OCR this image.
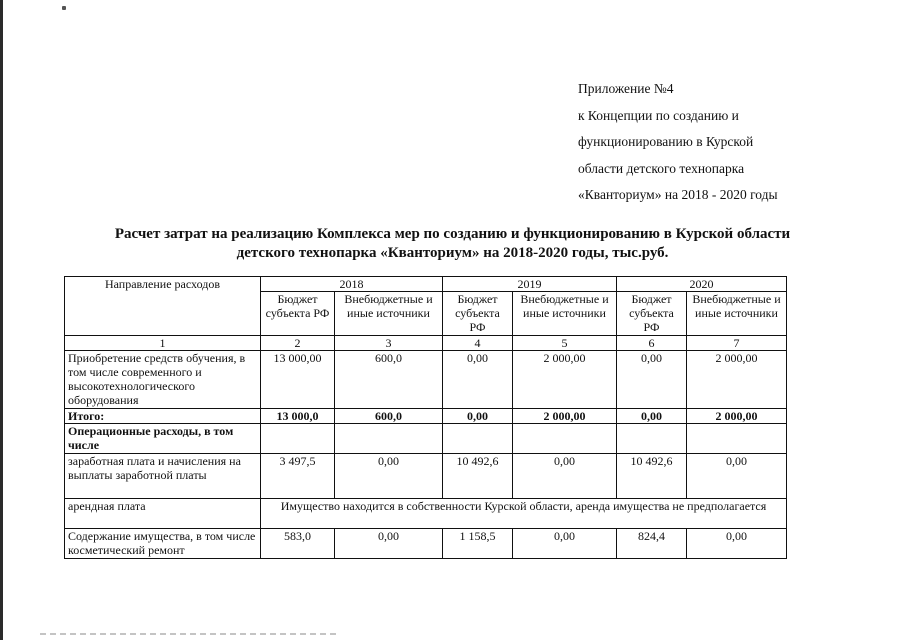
Приложение №4
к Концепции по созданию и
функционированию в Курской
области детского технопарка
«Кванториум» на 2018 - 2020 годы
Расчет затрат на реализацию Комплекса мер по созданию и функционированию в Курской области
детского технопарка «Кванториум» на 2018-2020 годы, тыс.руб.
Направление расходов	2018		2019		2020	
	Бюджет субъекта РФ	Внебюджетные и иные источники	Бюджет субъекта РФ	Внебюджетные и иные источники	Бюджет субъекта РФ	Внебюджетные и иные источники
1	2	3	4	5	6	7
Приобретение средств обучения, в том числе современного и высокотехнологического оборудования	13 000,00	600,0	0,00	2 000,00	0,00	2 000,00
Итого:	13 000,0	600,0	0,00	2 000,00	0,00	2 000,00
Операционные расходы, в том числе						
заработная плата и начисления на выплаты заработной платы	3 497,5	0,00	10 492,6	0,00	10 492,6	0,00
арендная плата	Имущество находится в собственности Курской области, аренда имущества не предполагается					
Содержание имущества, в том числе косметический ремонт	583,0	0,00	1 158,5	0,00	824,4	0,00
